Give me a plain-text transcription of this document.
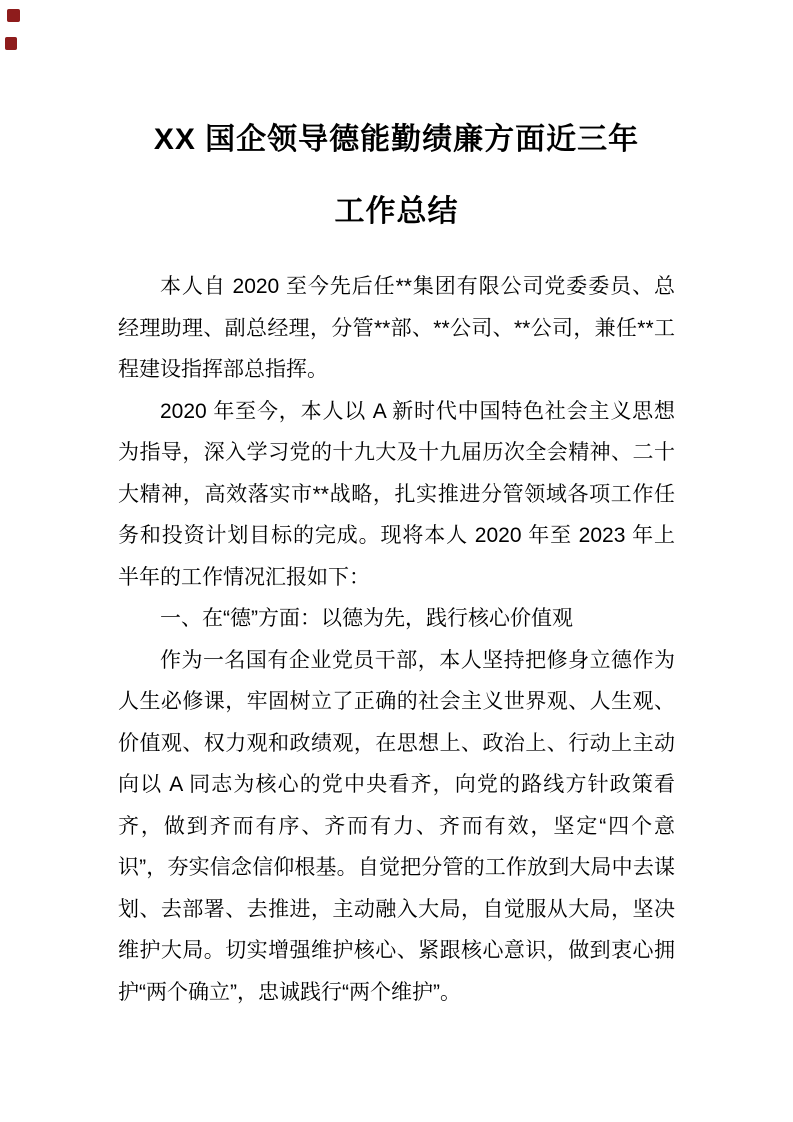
XX 国企领导德能勤绩廉方面近三年
工作总结

本人自 2020 至今先后任**集团有限公司党委委员、总经理助理、副总经理，分管**部、**公司、**公司，兼任**工程建设指挥部总指挥。

2020 年至今，本人以 A 新时代中国特色社会主义思想为指导，深入学习党的十九大及十九届历次全会精神、二十大精神，高效落实市**战略，扎实推进分管领域各项工作任务和投资计划目标的完成。现将本人 2020 年至 2023 年上半年的工作情况汇报如下：

一、在“德”方面：以德为先，践行核心价值观

作为一名国有企业党员干部，本人坚持把修身立德作为人生必修课，牢固树立了正确的社会主义世界观、人生观、价值观、权力观和政绩观，在思想上、政治上、行动上主动向以 A 同志为核心的党中央看齐，向党的路线方针政策看齐，做到齐而有序、齐而有力、齐而有效，坚定“四个意识”，夯实信念信仰根基。自觉把分管的工作放到大局中去谋划、去部署、去推进，主动融入大局，自觉服从大局，坚决维护大局。切实增强维护核心、紧跟核心意识，做到衷心拥护“两个确立”，忠诚践行“两个维护”。
